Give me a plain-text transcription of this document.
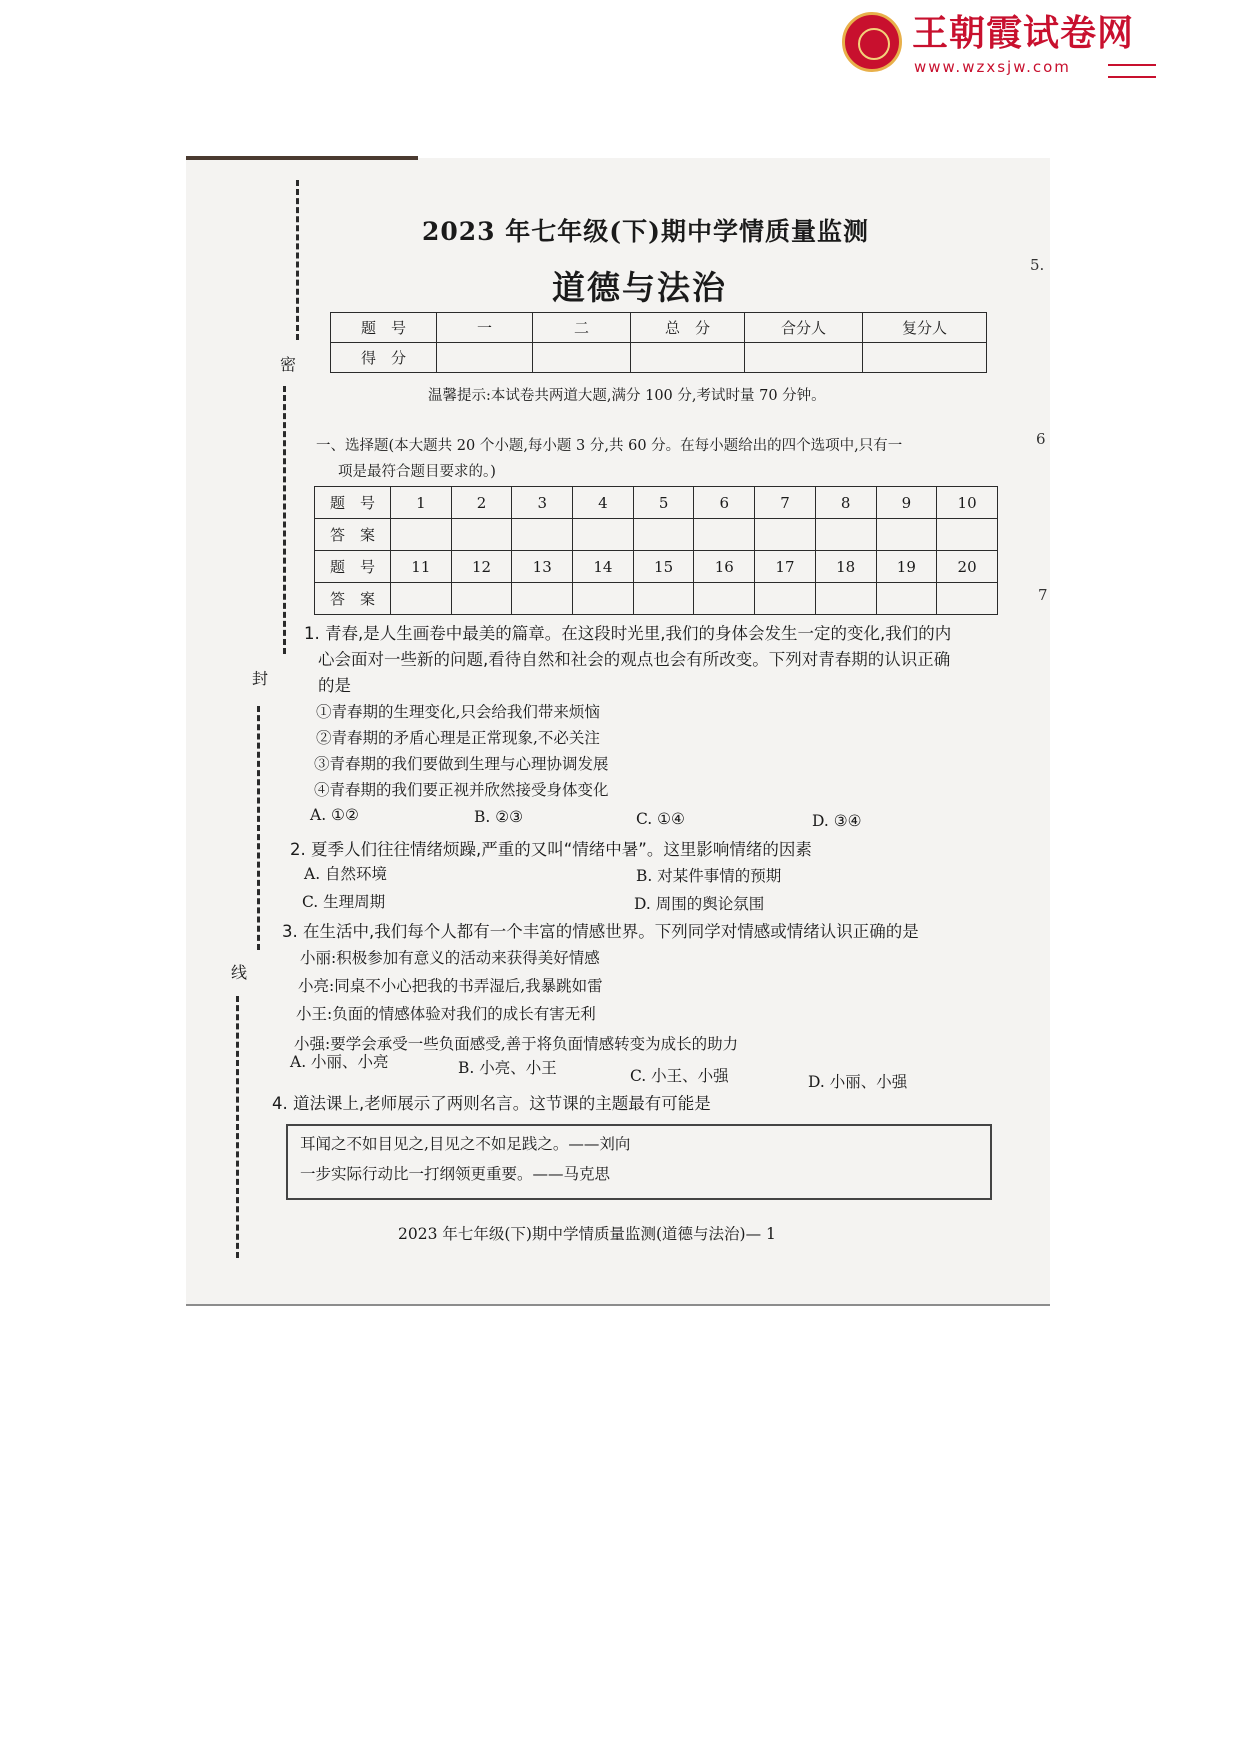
王朝霞试卷网
www.wzxsjw.com
密
封
线
5.
6
7
2023 年七年级(下)期中学情质量监测
道德与法治
题　号	一	二	总　分	合分人	复分人
得　分					
温馨提示:本试卷共两道大题,满分 100 分,考试时量 70 分钟。
一、选择题(本大题共 20 个小题,每小题 3 分,共 60 分。在每小题给出的四个选项中,只有一
项是最符合题目要求的。)
题　号	1	2	3	4	5	6	7	8	9	10
答　案										
题　号	11	12	13	14	15	16	17	18	19	20
答　案										
1. 青春,是人生画卷中最美的篇章。在这段时光里,我们的身体会发生一定的变化,我们的内
心会面对一些新的问题,看待自然和社会的观点也会有所改变。下列对青春期的认识正确
的是
①青春期的生理变化,只会给我们带来烦恼
②青春期的矛盾心理是正常现象,不必关注
③青春期的我们要做到生理与心理协调发展
④青春期的我们要正视并欣然接受身体变化
A. ①②	B. ②③	C. ①④	D. ③④
2. 夏季人们往往情绪烦躁,严重的又叫“情绪中暑”。这里影响情绪的因素
A. 自然环境	B. 对某件事情的预期
C. 生理周期	D. 周围的舆论氛围
3. 在生活中,我们每个人都有一个丰富的情感世界。下列同学对情感或情绪认识正确的是
小丽:积极参加有意义的活动来获得美好情感
小亮:同桌不小心把我的书弄湿后,我暴跳如雷
小王:负面的情感体验对我们的成长有害无利
小强:要学会承受一些负面感受,善于将负面情感转变为成长的助力
A. 小丽、小亮	B. 小亮、小王	C. 小王、小强	D. 小丽、小强
4. 道法课上,老师展示了两则名言。这节课的主题最有可能是
耳闻之不如目见之,目见之不如足践之。——刘向
一步实际行动比一打纲领更重要。——马克思
2023 年七年级(下)期中学情质量监测(道德与法治)— 1
